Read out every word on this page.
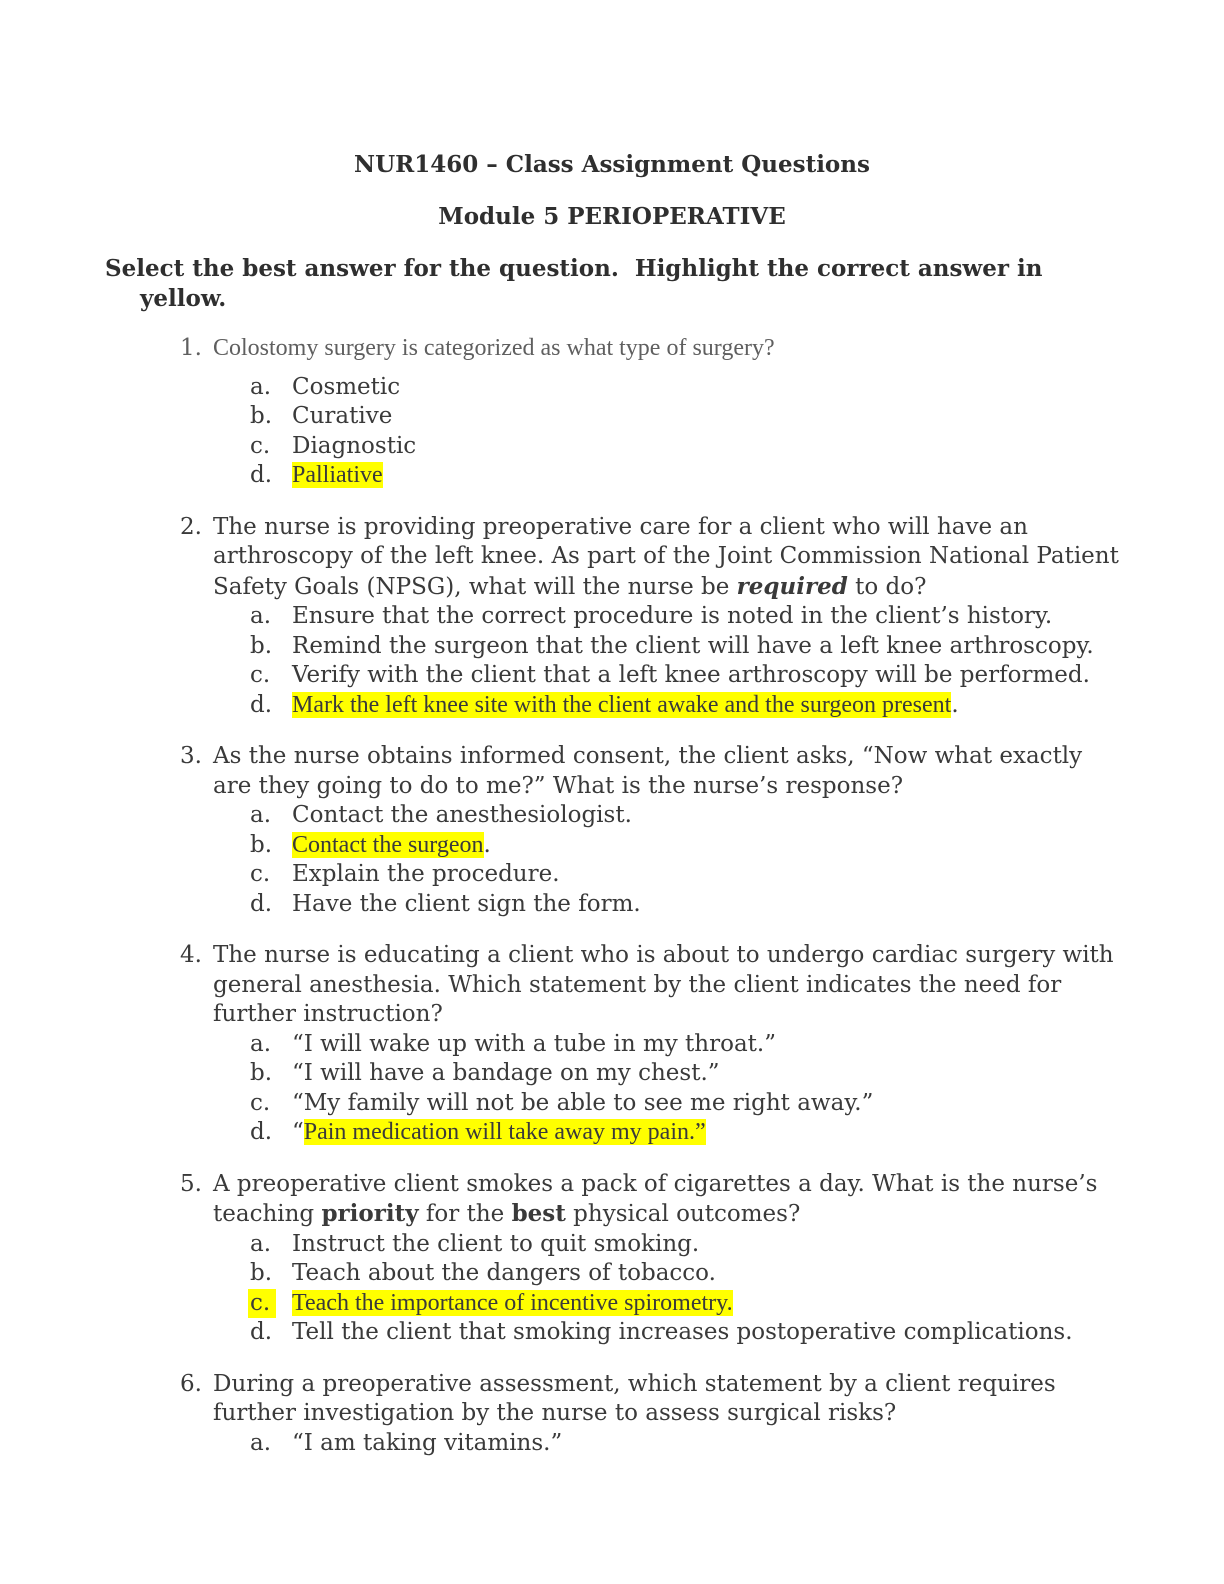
NUR1460 – Class Assignment Questions
Module 5 PERIOPERATIVE

Select the best answer for the question.  Highlight the correct answer in yellow.

1. Colostomy surgery is categorized as what type of surgery?
a. Cosmetic
b. Curative
c. Diagnostic
d. Palliative
2. The nurse is providing preoperative care for a client who will have an arthroscopy of the left knee. As part of the Joint Commission National Patient Safety Goals (NPSG), what will the nurse be required to do?
a. Ensure that the correct procedure is noted in the client’s history.
b. Remind the surgeon that the client will have a left knee arthroscopy.
c. Verify with the client that a left knee arthroscopy will be performed.
d. Mark the left knee site with the client awake and the surgeon present.
3. As the nurse obtains informed consent, the client asks, “Now what exactly are they going to do to me?” What is the nurse’s response?
a. Contact the anesthesiologist.
b. Contact the surgeon.
c. Explain the procedure.
d. Have the client sign the form.
4. The nurse is educating a client who is about to undergo cardiac surgery with general anesthesia. Which statement by the client indicates the need for further instruction?
a. “I will wake up with a tube in my throat.”
b. “I will have a bandage on my chest.”
c. “My family will not be able to see me right away.”
d. “Pain medication will take away my pain.”
5. A preoperative client smokes a pack of cigarettes a day. What is the nurse’s teaching priority for the best physical outcomes?
a. Instruct the client to quit smoking.
b. Teach about the dangers of tobacco.
c. Teach the importance of incentive spirometry.
d. Tell the client that smoking increases postoperative complications.
6. During a preoperative assessment, which statement by a client requires further investigation by the nurse to assess surgical risks?
a. “I am taking vitamins.”
